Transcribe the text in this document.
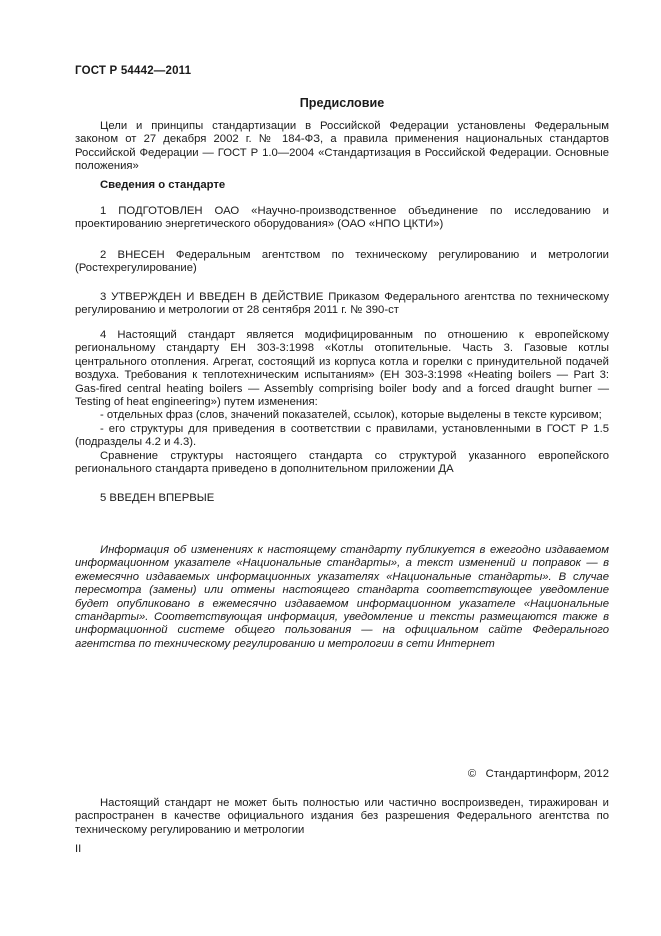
ГОСТ Р 54442—2011
Предисловие
Цели и принципы стандартизации в Российской Федерации установлены Федеральным законом от 27 декабря 2002 г. № 184-ФЗ, а правила применения национальных стандартов Российской Федерации — ГОСТ Р 1.0—2004 «Стандартизация в Российской Федерации. Основные положения»
Сведения о стандарте
1 ПОДГОТОВЛЕН ОАО «Научно-производственное объединение по исследованию и проектированию энергетического оборудования» (ОАО «НПО ЦКТИ»)
2 ВНЕСЕН Федеральным агентством по техническому регулированию и метрологии (Ростехрегулирование)
3 УТВЕРЖДЕН И ВВЕДЕН В ДЕЙСТВИЕ Приказом Федерального агентства по техническому регулированию и метрологии от 28 сентября 2011 г. № 390-ст

4 Настоящий стандарт является модифицированным по отношению к европейскому региональному стандарту ЕН 303-3:1998 «Котлы отопительные. Часть 3. Газовые котлы центрального отопления. Агрегат, состоящий из корпуса котла и горелки с принудительной подачей воздуха. Требования к теплотехническим испытаниям» (ЕН 303-3:1998 «Heating boilers — Part 3: Gas-fired central heating boilers — Assembly comprising boiler body and a forced draught burner — Testing of heat engineering») путем изменения:

- отдельных фраз (слов, значений показателей, ссылок), которые выделены в тексте курсивом;

- его структуры для приведения в соответствии с правилами, установленными в ГОСТ Р 1.5 (подразделы 4.2 и 4.3).

Сравнение структуры настоящего стандарта со структурой указанного европейского регионального стандарта приведено в дополнительном приложении ДА

5 ВВЕДЕН ВПЕРВЫЕ
Информация об изменениях к настоящему стандарту публикуется в ежегодно издаваемом информационном указателе «Национальные стандарты», а текст изменений и поправок — в ежемесячно издаваемых информационных указателях «Национальные стандарты». В случае пересмотра (замены) или отмены настоящего стандарта соответствующее уведомление будет опубликовано в ежемесячно издаваемом информационном указателе «Национальные стандарты». Соответствующая информация, уведомление и тексты размещаются также в информационной системе общего пользования — на официальном сайте Федерального агентства по техническому регулированию и метрологии в сети Интернет
©   Стандартинформ, 2012
Настоящий стандарт не может быть полностью или частично воспроизведен, тиражирован и распространен в качестве официального издания без разрешения Федерального агентства по техническому регулированию и метрологии
II
